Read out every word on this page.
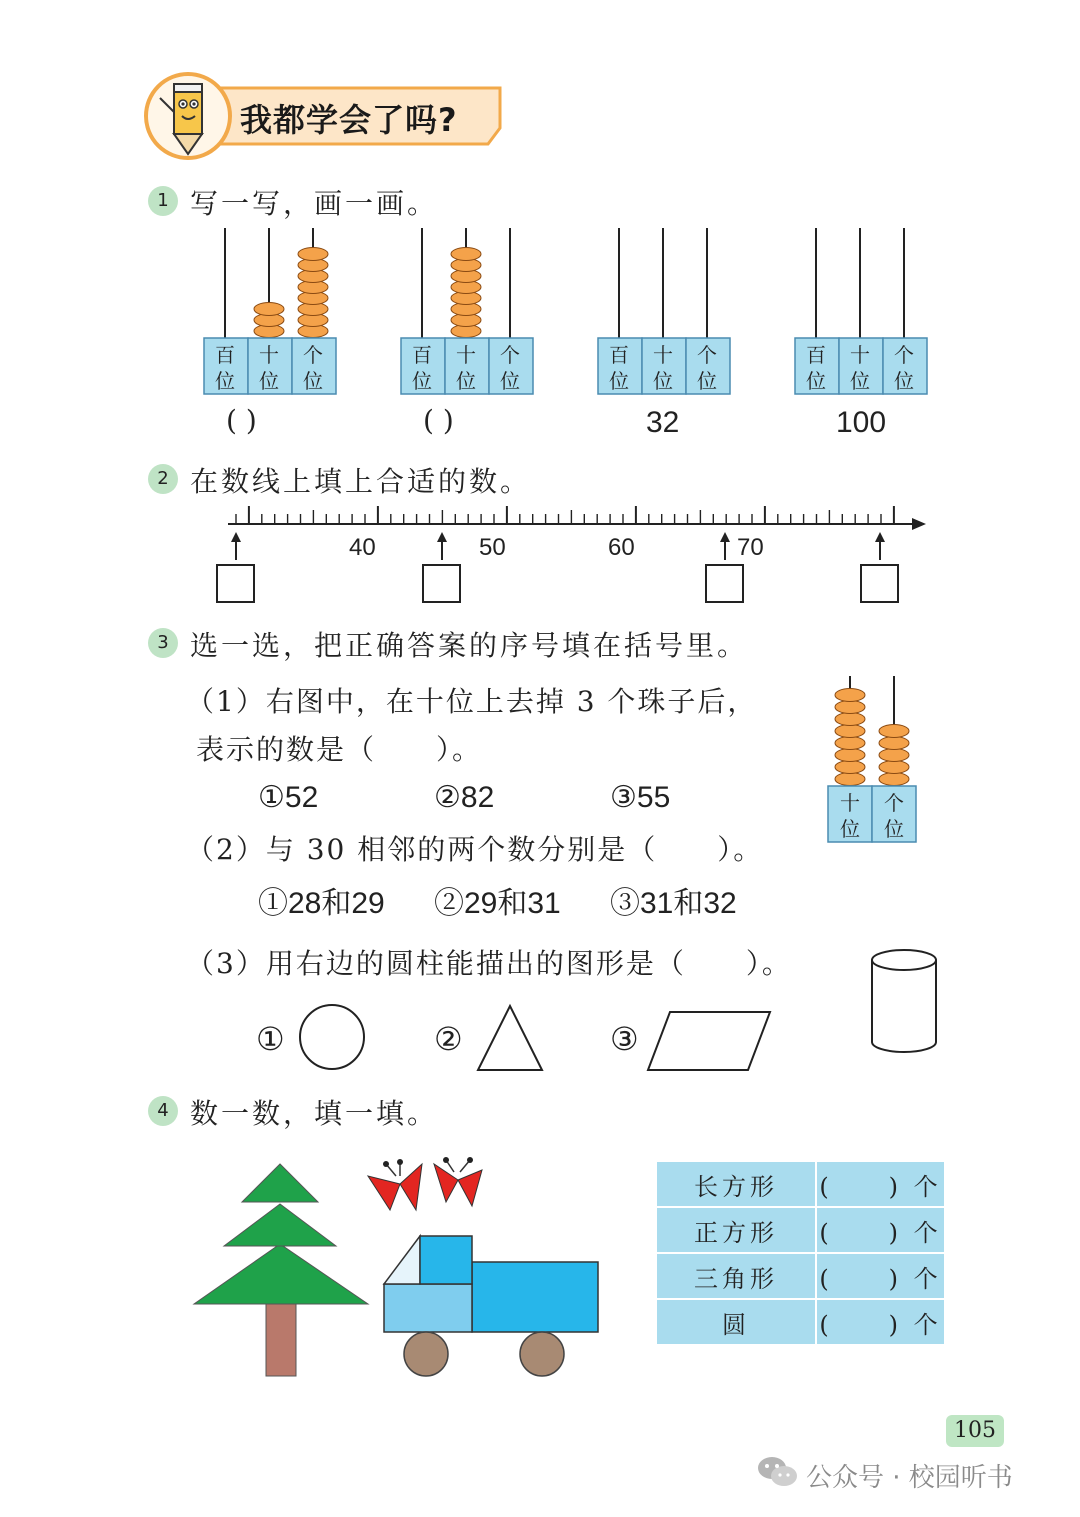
我都学会了吗?
1 写一写，画一画。
百
位
十
位
个
位
百
位
十
位
个
位
百
位
十
位
个
位
百
位
十
位
个
位
( )	( )	32	100
2 在数线上填上合适的数。
40	50	60	70
3 选一选，把正确答案的序号填在括号里。
（1）右图中，在十位上去掉 3 个珠子后，
表示的数是（　　）。
①52	②82	③55	十
位
个
位
（2）与 30 相邻的两个数分别是（　　）。
①28和29 ②29和31 ③31和32
（3）用右边的圆柱能描出的图形是（　　）。
①	②	③
4 数一数，填一填。
长方形	(　　) 个
正方形	(　　) 个
三角形	(　　) 个
圆	(　　) 个
105
公众号 · 校园听书
